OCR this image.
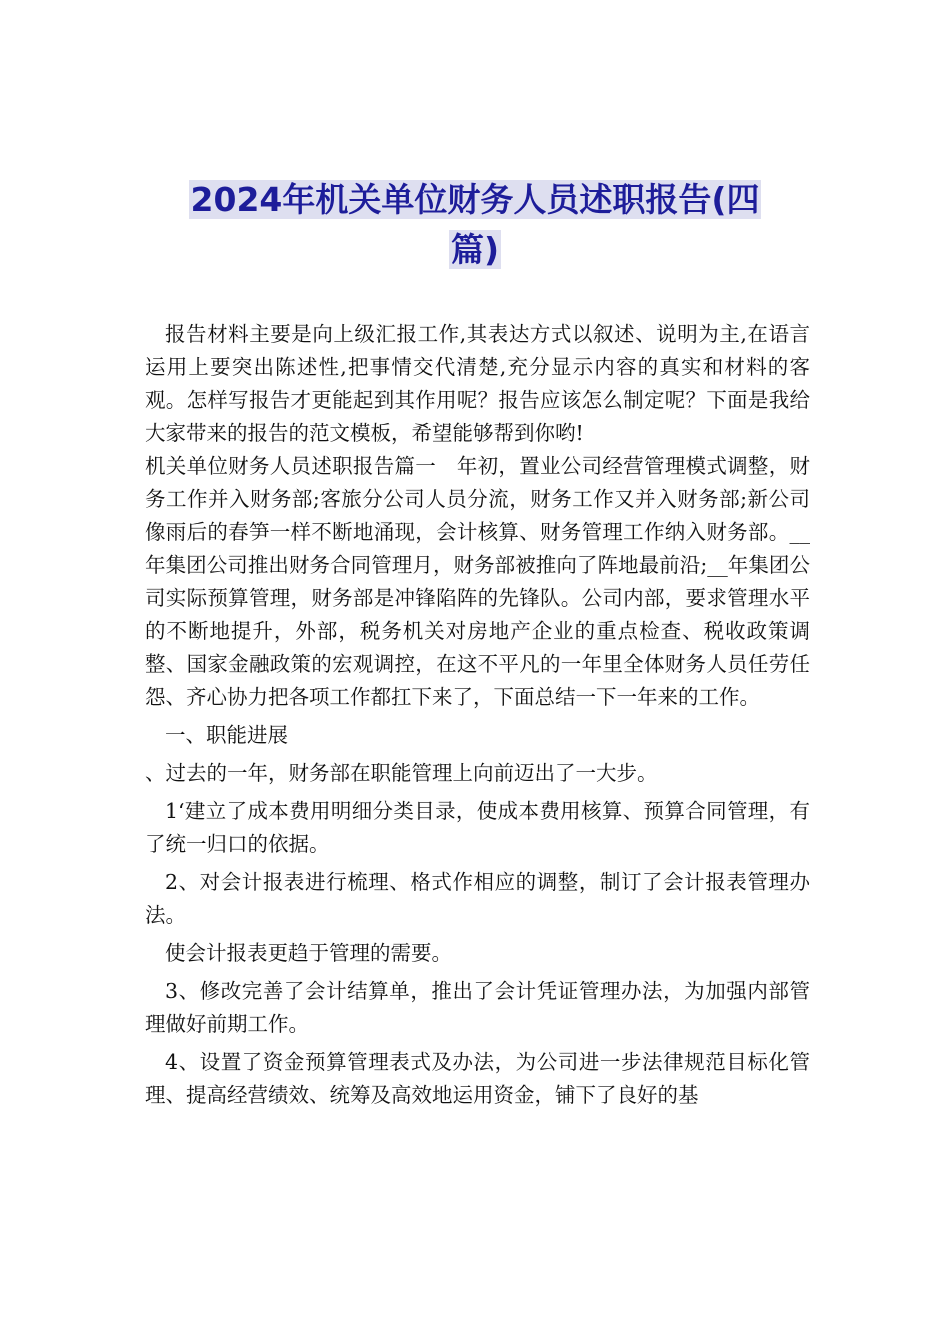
2024年机关单位财务人员述职报告(四
篇)

报告材料主要是向上级汇报工作,其表达方式以叙述、说明为主,在语言运用上要突出陈述性,把事情交代清楚,充分显示内容的真实和材料的客观。怎样写报告才更能起到其作用呢？报告应该怎么制定呢？下面是我给大家带来的报告的范文模板，希望能够帮到你哟!

机关单位财务人员述职报告篇一　年初，置业公司经营管理模式调整，财务工作并入财务部;客旅分公司人员分流，财务工作又并入财务部;新公司像雨后的春笋一样不断地涌现，会计核算、财务管理工作纳入财务部。__年集团公司推出财务合同管理月，财务部被推向了阵地最前沿;__年集团公司实际预算管理，财务部是冲锋陷阵的先锋队。公司内部，要求管理水平的不断地提升，外部，税务机关对房地产企业的重点检查、税收政策调整、国家金融政策的宏观调控，在这不平凡的一年里全体财务人员任劳任怨、齐心协力把各项工作都扛下来了，下面总结一下一年来的工作。

一、职能进展

、过去的一年，财务部在职能管理上向前迈出了一大步。

1‘建立了成本费用明细分类目录，使成本费用核算、预算合同管理，有了统一归口的依据。

2、对会计报表进行梳理、格式作相应的调整，制订了会计报表管理办法。

使会计报表更趋于管理的需要。

3、修改完善了会计结算单，推出了会计凭证管理办法，为加强内部管理做好前期工作。

4、设置了资金预算管理表式及办法，为公司进一步法律规范目标化管理、提高经营绩效、统筹及高效地运用资金，铺下了良好的基
